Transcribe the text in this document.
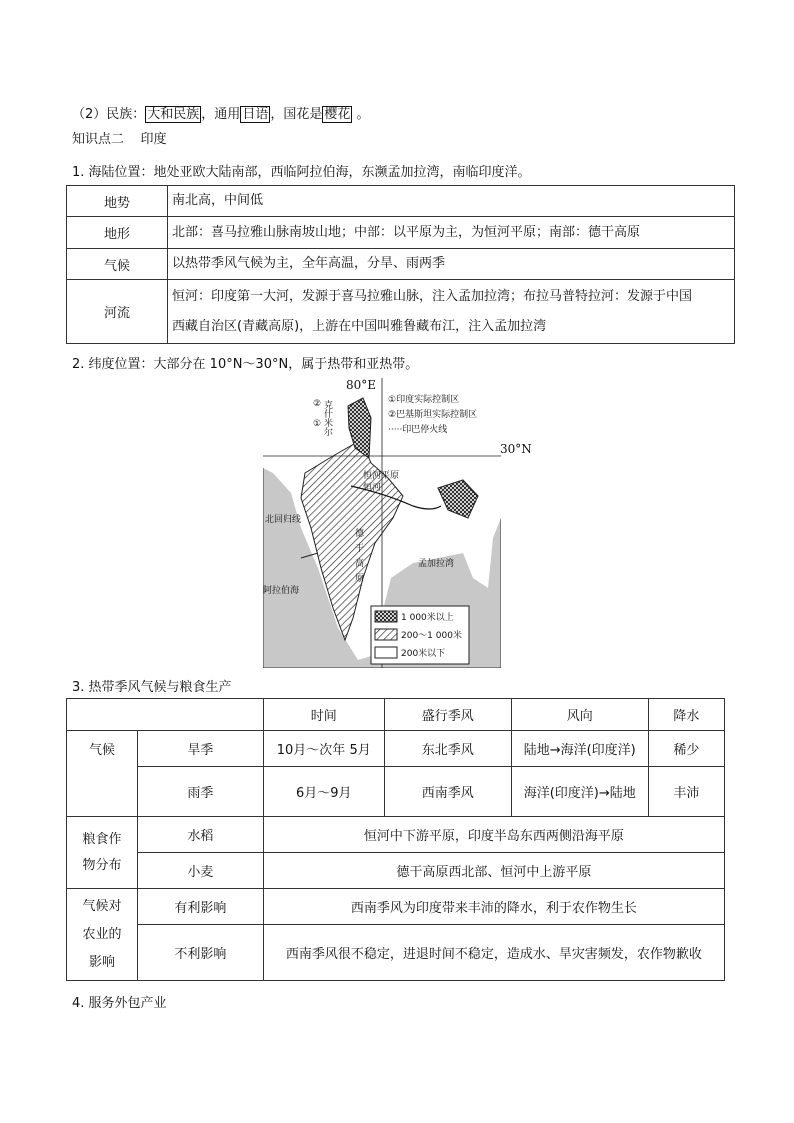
（2）民族： 大和民族 ，通用 日语 ，国花是 樱花 。
知识点二    印度
1. 海陆位置：地处亚欧大陆南部，西临阿拉伯海，东濒孟加拉湾，南临印度洋。
地势	南北高，中间低
地形	北部：喜马拉雅山脉南坡山地；中部：以平原为主，为恒河平原；南部：德干高原
气候	以热带季风气候为主，全年高温，分旱、雨两季
河流	恒河：印度第一大河，发源于喜马拉雅山脉，注入孟加拉湾；布拉马普特拉河：发源于中国
西藏自治区(青藏高原)，上游在中国叫雅鲁藏布江，注入孟加拉湾
2. 纬度位置：大部分在 10°N～30°N，属于热带和亚热带。
①印度实际控制区
②巴基斯坦实际控制区
·····印巴停火线
②
① 克什米尔
恒河平原
恒河
北回归线
德干高原	孟加拉湾
阿拉伯海
1 000米以上
200～1 000米
200米以下
80°E
30°N
3. 热带季风气候与粮食生产
		时间	盛行季风	风向	降水
气候	旱季	10月～次年 5月	东北季风	陆地→海洋(印度洋)	稀少
	雨季	6月～9月	西南季风	海洋(印度洋)→陆地	丰沛

粮食作
物分布	水稻	恒河中下游平原，印度半岛东西两侧沿海平原			
	小麦	德干高原西北部、恒河中上游平原			

气候对
农业的
影响	有利影响	西南季风为印度带来丰沛的降水，利于农作物生长			
	不利影响	西南季风很不稳定，进退时间不稳定，造成水、旱灾害频发，农作物歉收			
4. 服务外包产业
